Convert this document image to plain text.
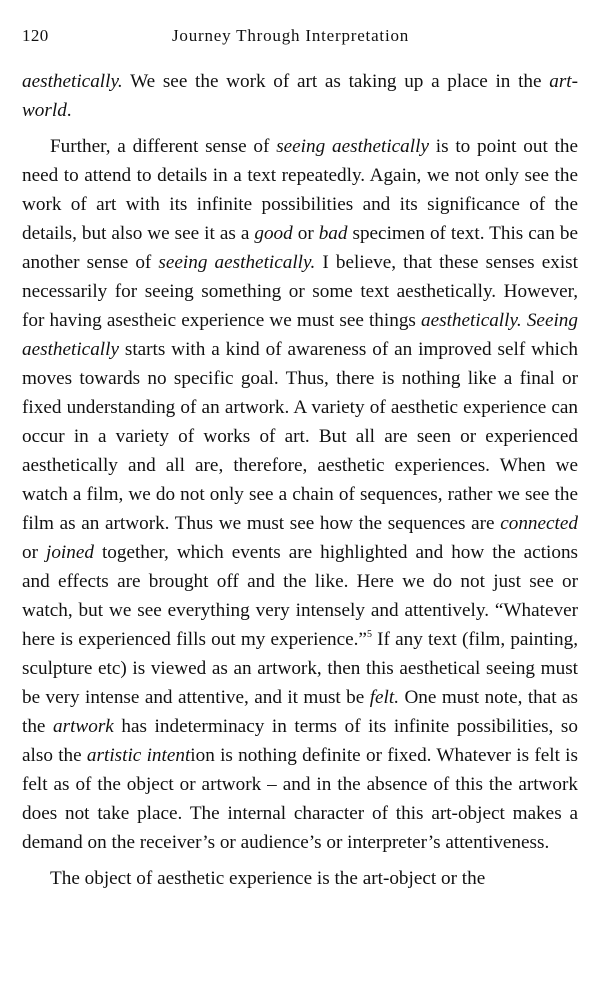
120	Journey Through Interpretation

aesthetically. We see the work of art as taking up a place in the art-world.

Further, a different sense of seeing aesthetically is to point out the need to attend to details in a text repeatedly. Again, we not only see the work of art with its infinite possibilities and its significance of the details, but also we see it as a good or bad specimen of text. This can be another sense of seeing aesthetically. I believe, that these senses exist necessarily for seeing something or some text aesthetically. However, for having asestheic experience we must see things aesthetically. Seeing aesthetically starts with a kind of awareness of an improved self which moves towards no specific goal. Thus, there is nothing like a final or fixed understanding of an artwork. A variety of aesthetic experience can occur in a variety of works of art. But all are seen or experienced aesthetically and all are, therefore, aesthetic experiences. When we watch a film, we do not only see a chain of sequences, rather we see the film as an artwork. Thus we must see how the sequences are connected or joined together, which events are highlighted and how the actions and effects are brought off and the like. Here we do not just see or watch, but we see everything very intensely and attentively. “Whatever here is experienced fills out my experience.”$^5$ If any text (film, painting, sculpture etc) is viewed as an artwork, then this aesthetical seeing must be very intense and attentive, and it must be felt. One must note, that as the artwork has indeterminacy in terms of its infinite possibilities, so also the artistic intention is nothing definite or fixed. Whatever is felt is felt as of the object or artwork – and in the absence of this the artwork does not take place. The internal character of this art-object makes a demand on the receiver’s or audience’s or interpreter’s attentiveness.

The object of aesthetic experience is the art-object or the
